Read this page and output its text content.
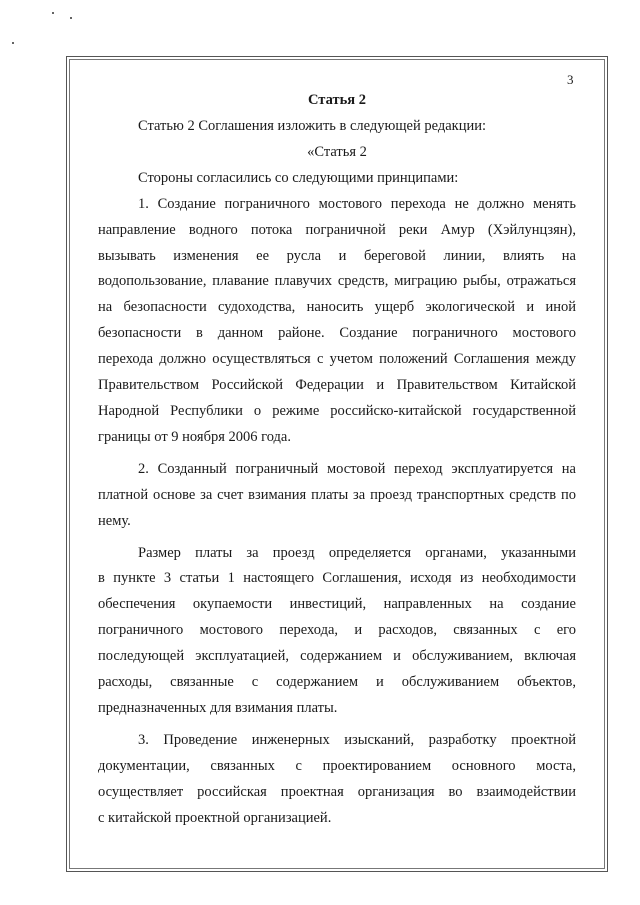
3

Статья 2

Статью 2 Соглашения изложить в следующей редакции:

«Статья 2

Стороны согласились со следующими принципами:

1. Создание пограничного мостового перехода не должно менять
направление водного потока пограничной реки Амур (Хэйлунцзян),
вызывать изменения ее русла и береговой линии, влиять на
водопользование, плавание плавучих средств, миграцию рыбы, отражаться
на безопасности судоходства, наносить ущерб экологической и иной
безопасности в данном районе. Создание пограничного мостового
перехода должно осуществляться с учетом положений Соглашения между
Правительством Российской Федерации и Правительством Китайской
Народной Республики о режиме российско-китайской государственной
границы от 9 ноября 2006 года.
2. Созданный пограничный мостовой переход эксплуатируется на
платной основе за счет взимания платы за проезд транспортных средств по
нему.
Размер платы за проезд определяется органами, указанными
в пункте 3 статьи 1 настоящего Соглашения, исходя из необходимости
обеспечения окупаемости инвестиций, направленных на создание
пограничного мостового перехода, и расходов, связанных с его
последующей эксплуатацией, содержанием и обслуживанием, включая
расходы, связанные с содержанием и обслуживанием объектов,
предназначенных для взимания платы.
3. Проведение инженерных изысканий, разработку проектной
документации, связанных с проектированием основного моста,
осуществляет российская проектная организация во взаимодействии
с китайской проектной организацией.
